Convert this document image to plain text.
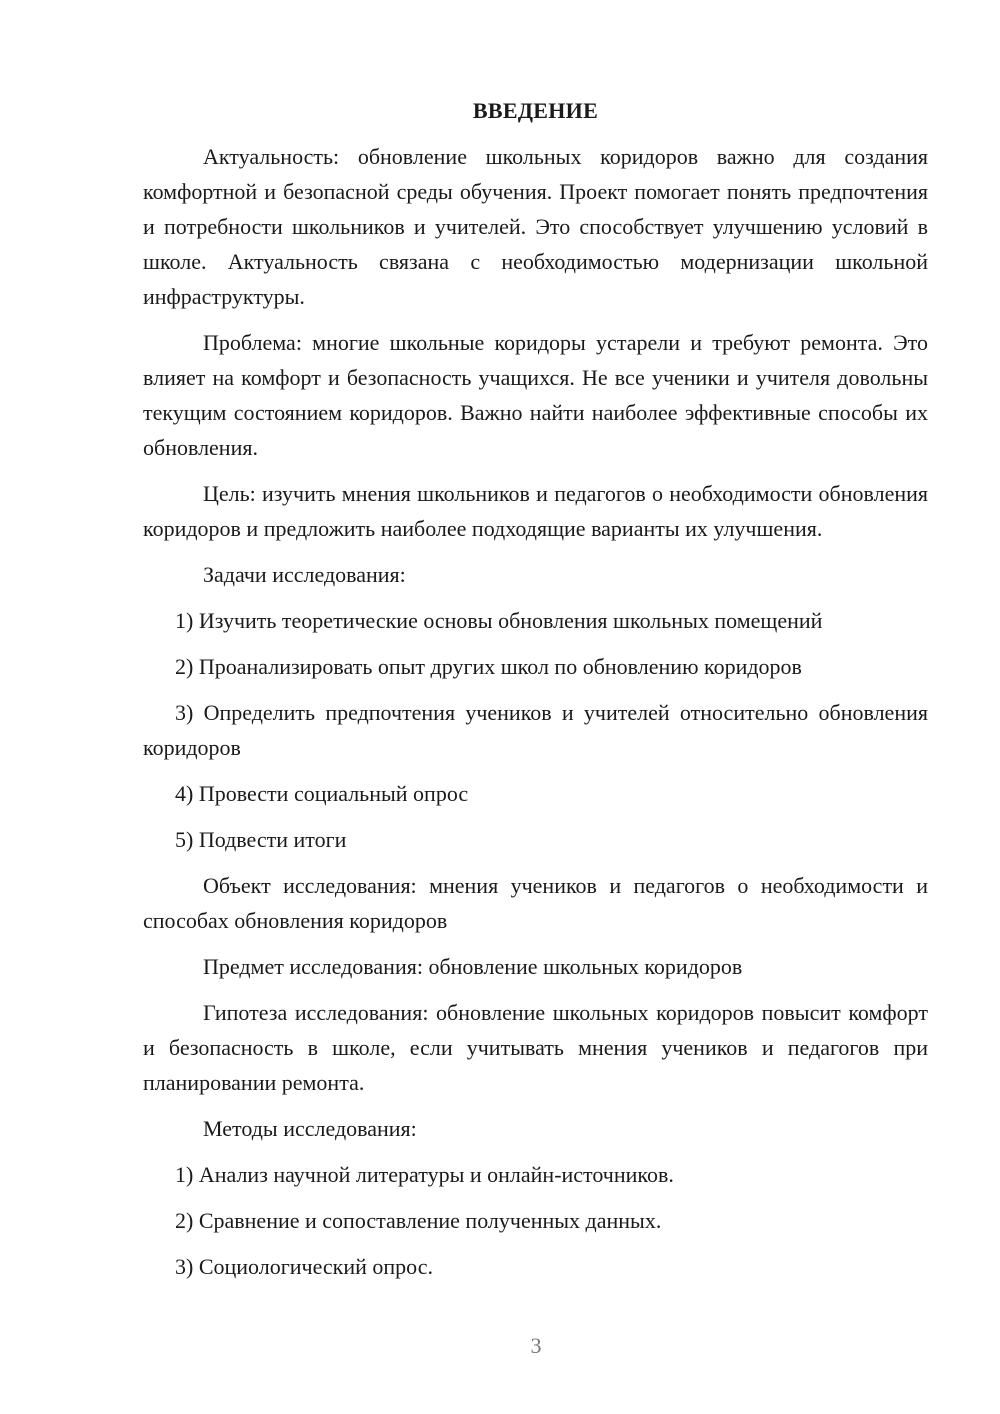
ВВЕДЕНИЕ

Актуальность: обновление школьных коридоров важно для создания комфортной и безопасной среды обучения. Проект помогает понять предпочтения и потребности школьников и учителей. Это способствует улучшению условий в школе. Актуальность связана с необходимостью модернизации школьной инфраструктуры.

Проблема: многие школьные коридоры устарели и требуют ремонта. Это влияет на комфорт и безопасность учащихся. Не все ученики и учителя довольны текущим состоянием коридоров. Важно найти наиболее эффективные способы их обновления.

Цель: изучить мнения школьников и педагогов о необходимости обновления коридоров и предложить наиболее подходящие варианты их улучшения.

Задачи исследования:

1) Изучить теоретические основы обновления школьных помещений

2) Проанализировать опыт других школ по обновлению коридоров

3) Определить предпочтения учеников и учителей относительно обновления коридоров

4) Провести социальный опрос

5) Подвести итоги

Объект исследования: мнения учеников и педагогов о необходимости и способах обновления коридоров

Предмет исследования: обновление школьных коридоров

Гипотеза исследования: обновление школьных коридоров повысит комфорт и безопасность в школе, если учитывать мнения учеников и педагогов при планировании ремонта.

Методы исследования:

1) Анализ научной литературы и онлайн-источников.

2) Сравнение и сопоставление полученных данных.

3) Социологический опрос.

3
